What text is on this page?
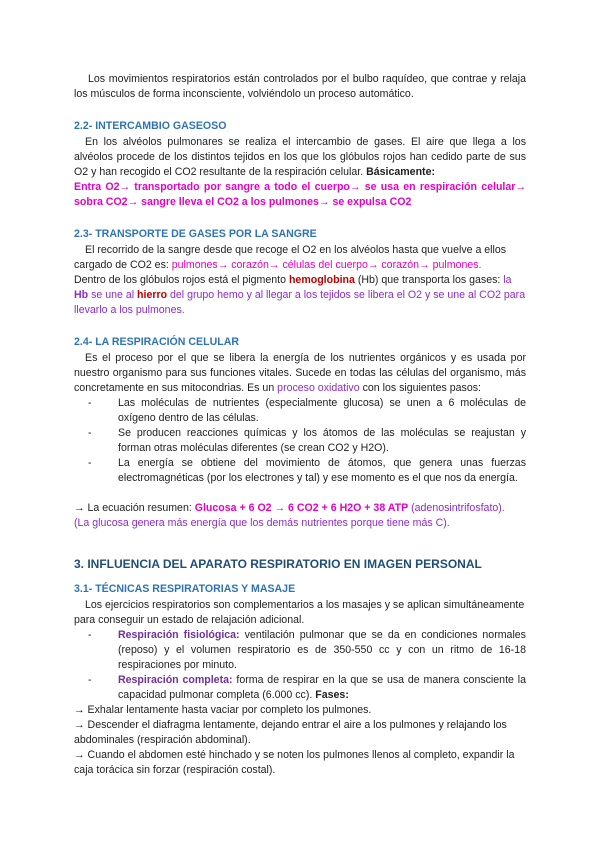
Los movimientos respiratorios están controlados por el bulbo raquídeo, que contrae y relaja los músculos de forma inconsciente, volviéndolo un proceso automático.

2.2- INTERCAMBIO GASEOSO

En los alvéolos pulmonares se realiza el intercambio de gases. El aire que llega a los alvéolos procede de los distintos tejidos en los que los glóbulos rojos han cedido parte de sus O2 y han recogido el CO2 resultante de la respiración celular. Básicamente:

Entra O2→ transportado por sangre a todo el cuerpo→ se usa en respiración celular→ sobra CO2→ sangre lleva el CO2 a los pulmones→ se expulsa CO2

2.3- TRANSPORTE DE GASES POR LA SANGRE

El recorrido de la sangre desde que recoge el O2 en los alvéolos hasta que vuelve a ellos cargado de CO2 es: pulmones→ corazón→ células del cuerpo→ corazón→ pulmones.

Dentro de los glóbulos rojos está el pigmento hemoglobina (Hb) que transporta los gases: la Hb se une al hierro del grupo hemo y al llegar a los tejidos se libera el O2 y se une al CO2 para llevarlo a los pulmones.

2.4- LA RESPIRACIÓN CELULAR

Es el proceso por el que se libera la energía de los nutrientes orgánicos y es usada por nuestro organismo para sus funciones vitales. Sucede en todas las células del organismo, más concretamente en sus mitocondrias. Es un proceso oxidativo con los siguientes pasos:

- Las moléculas de nutrientes (especialmente glucosa) se unen a 6 moléculas de oxígeno dentro de las células.
- Se producen reacciones químicas y los átomos de las moléculas se reajustan y forman otras moléculas diferentes (se crean CO2 y H2O).
- La energía se obtiene del movimiento de átomos, que genera unas fuerzas electromagnéticas (por los electrones y tal) y ese momento es el que nos da energía.

→ La ecuación resumen: Glucosa + 6 O2 → 6 CO2 + 6 H2O + 38 ATP (adenosintrifosfato).

(La glucosa genera más energía que los demás nutrientes porque tiene más C).

3. INFLUENCIA DEL APARATO RESPIRATORIO EN IMAGEN PERSONAL

3.1- TÉCNICAS RESPIRATORIAS Y MASAJE

Los ejercicios respiratorios son complementarios a los masajes y se aplican simultáneamente para conseguir un estado de relajación adicional.

- Respiración fisiológica: ventilación pulmonar que se da en condiciones normales (reposo) y el volumen respiratorio es de 350-550 cc y con un ritmo de 16-18 respiraciones por minuto.
- Respiración completa: forma de respirar en la que se usa de manera consciente la capacidad pulmonar completa (6.000 cc). Fases:

→ Exhalar lentamente hasta vaciar por completo los pulmones.

→ Descender el diafragma lentamente, dejando entrar el aire a los pulmones y relajando los abdominales (respiración abdominal).

→ Cuando el abdomen esté hinchado y se noten los pulmones llenos al completo, expandir la caja torácica sin forzar (respiración costal).
